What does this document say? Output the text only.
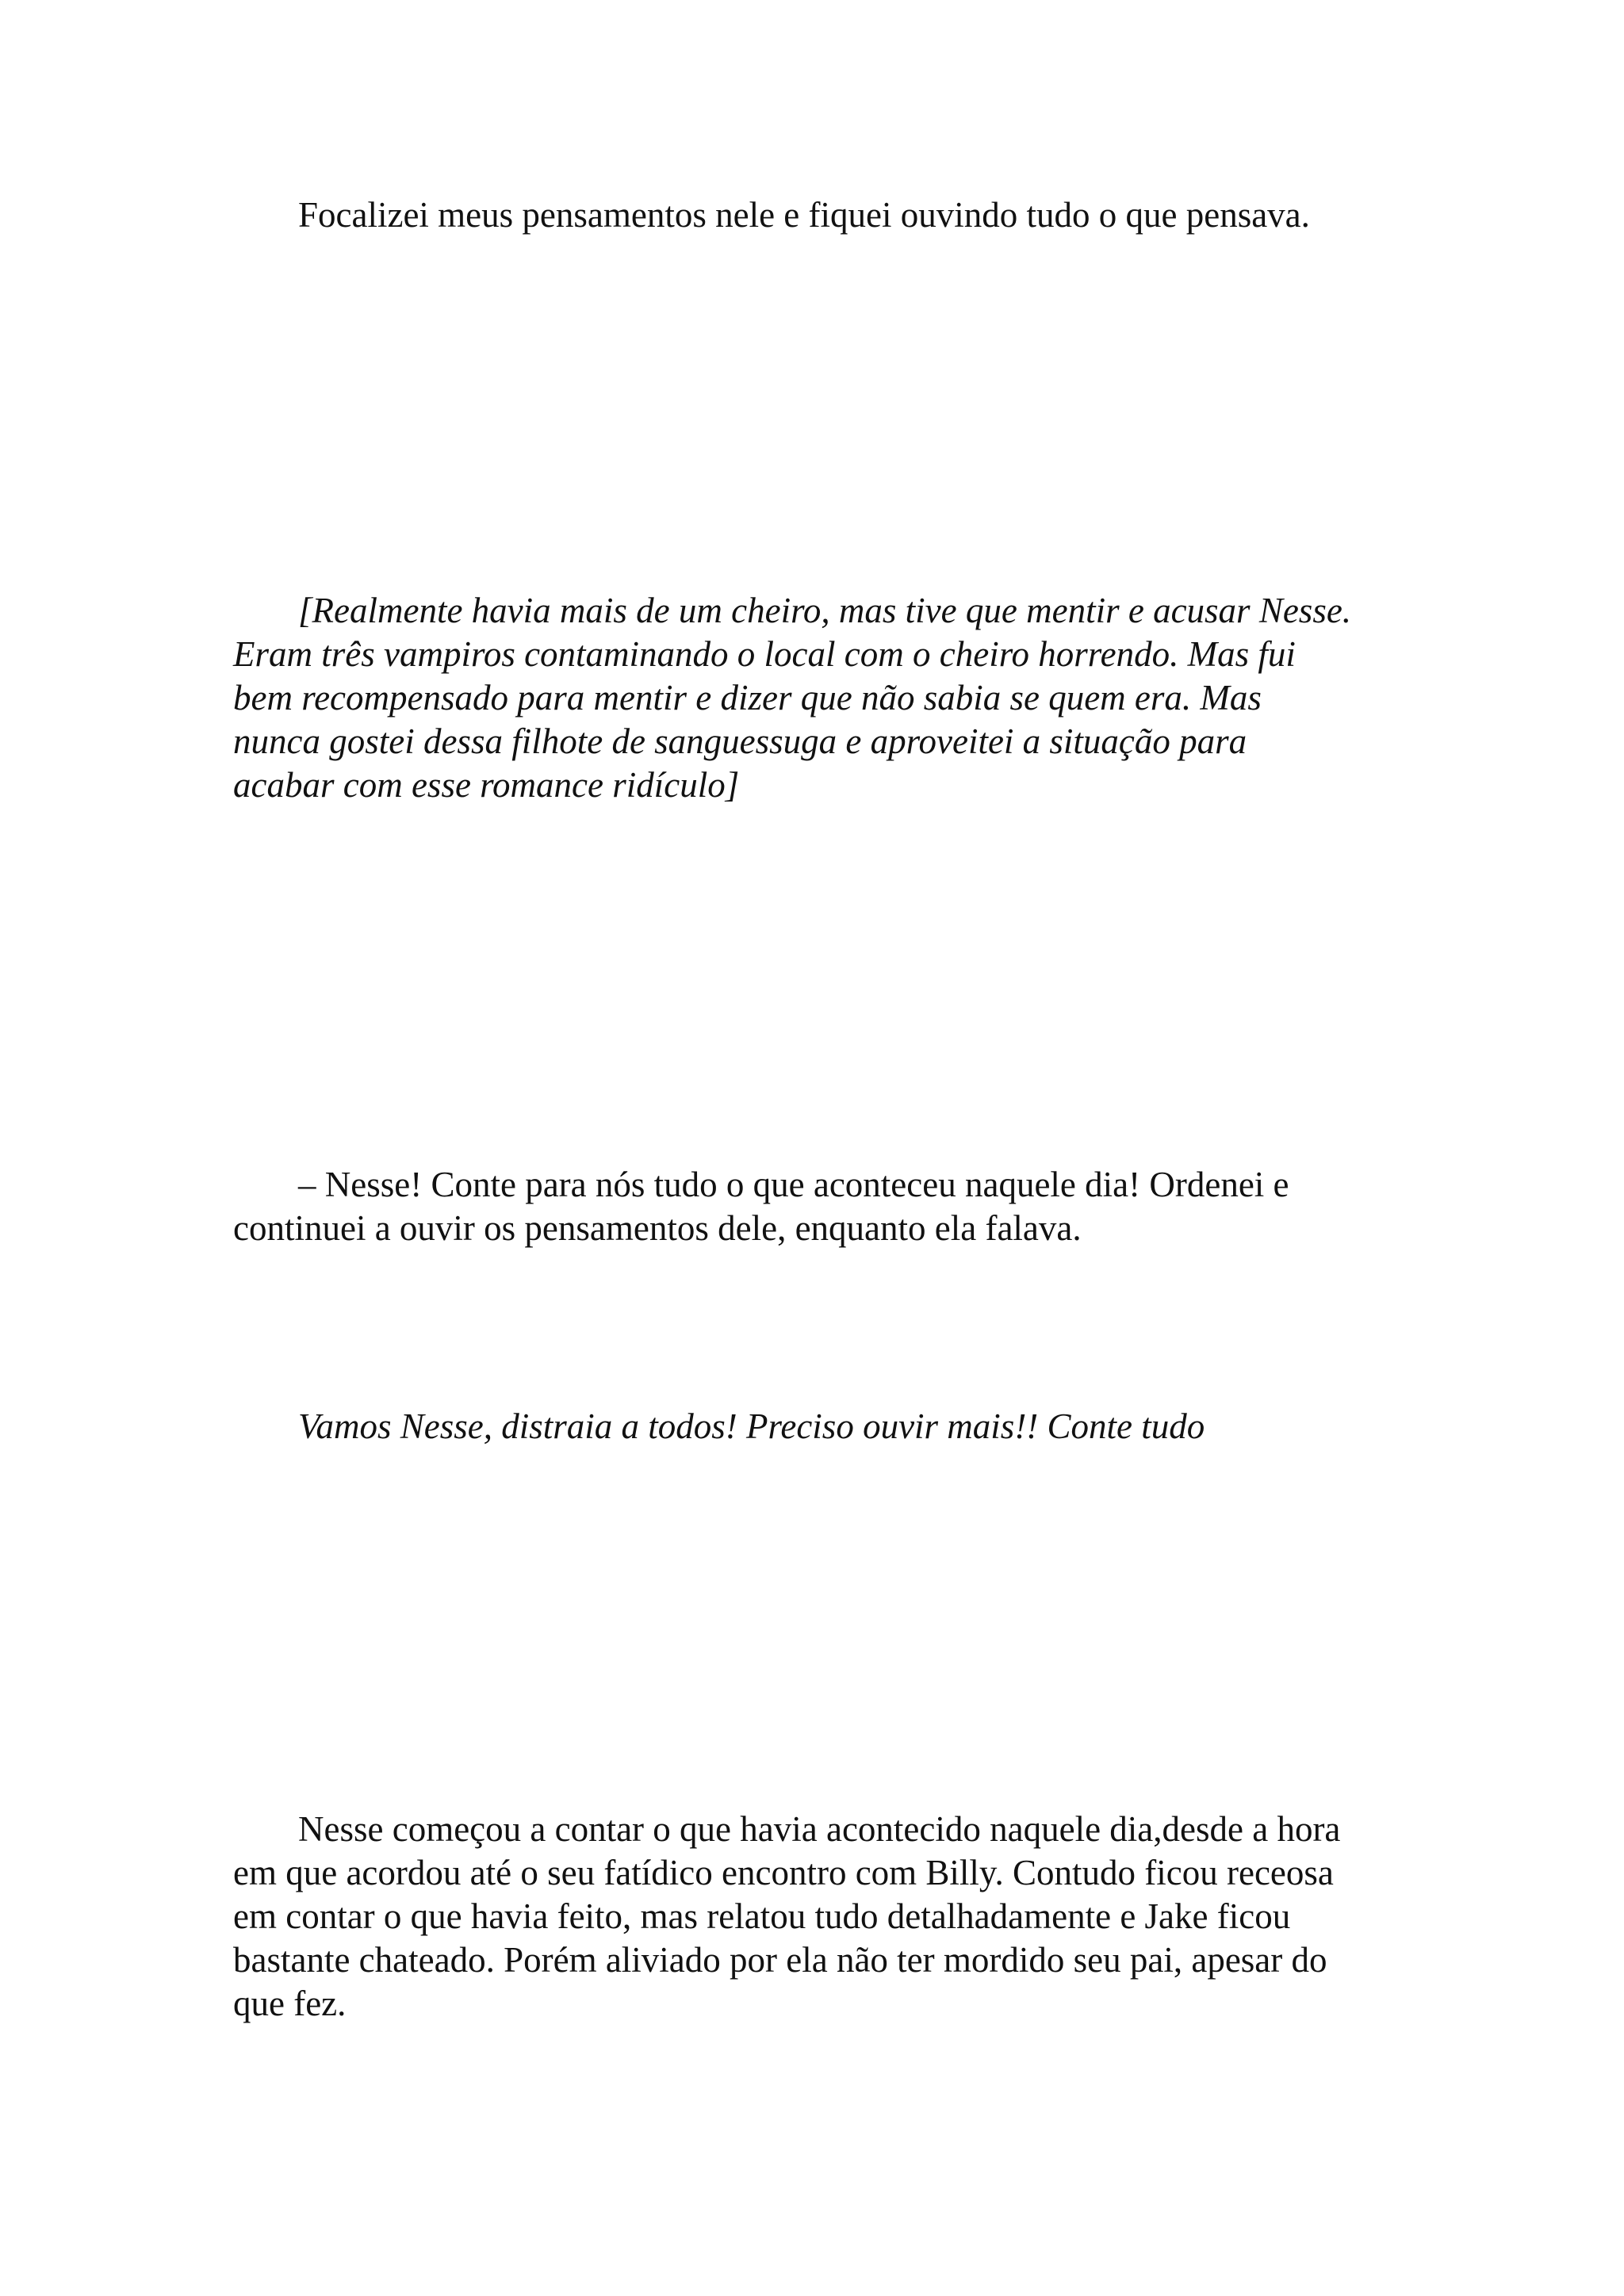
Focalizei meus pensamentos nele e fiquei ouvindo tudo o que pensava.
[Realmente havia mais de um cheiro, mas tive que mentir e acusar Nesse.
Eram três vampiros contaminando o local com o cheiro horrendo. Mas fui
bem recompensado para mentir e dizer que não sabia se quem era. Mas
nunca gostei dessa filhote de sanguessuga e aproveitei a situação para
acabar com esse romance ridículo]
– Nesse! Conte para nós tudo o que aconteceu naquele dia! Ordenei e
continuei a ouvir os pensamentos dele, enquanto ela falava.
Vamos Nesse, distraia a todos! Preciso ouvir mais!! Conte tudo
Nesse começou a contar o que havia acontecido naquele dia,desde a hora
em que acordou até o seu fatídico encontro com Billy. Contudo ficou receosa
em contar o que havia feito, mas relatou tudo detalhadamente e Jake ficou
bastante chateado. Porém aliviado por ela não ter mordido seu pai, apesar do
que fez.
